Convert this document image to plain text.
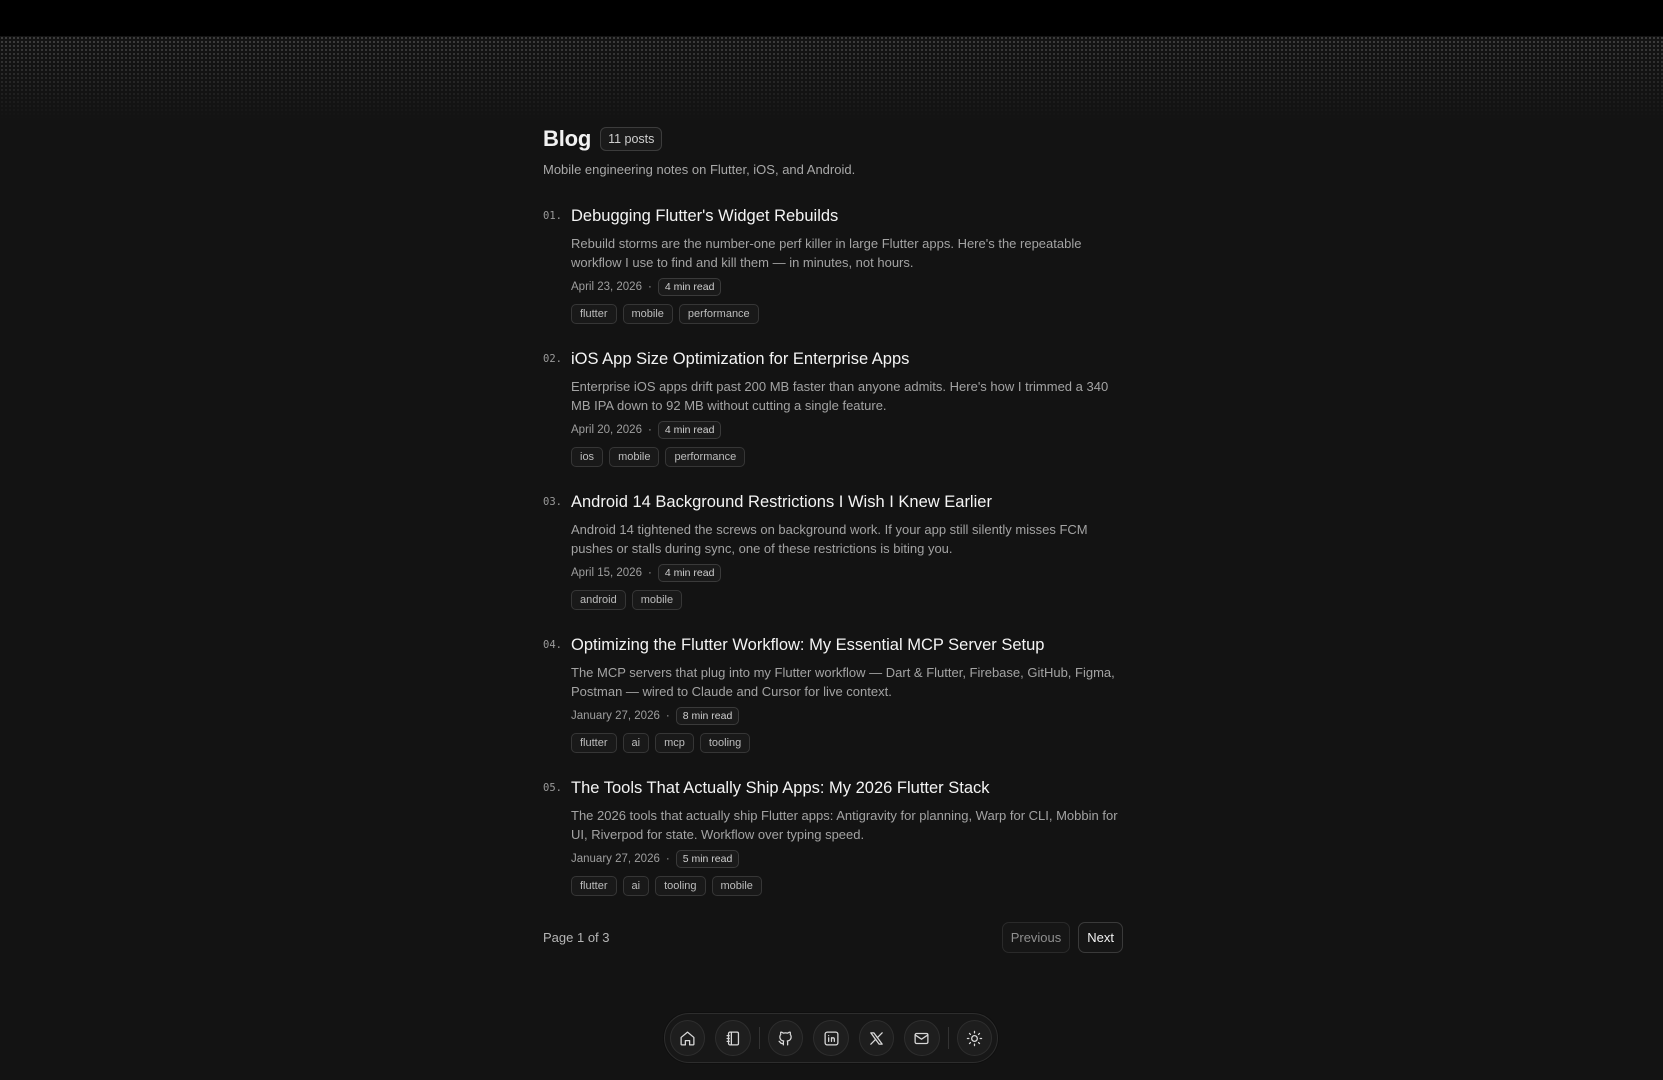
Blog	11 posts
Mobile engineering notes on Flutter, iOS, and Android.
01. Debugging Flutter's Widget Rebuilds
Rebuild storms are the number-one perf killer in large Flutter apps. Here's the repeatable workflow I use to find and kill them — in minutes, not hours.
April 23, 2026 ·	4 min read
flutter	mobile	performance
02. iOS App Size Optimization for Enterprise Apps
Enterprise iOS apps drift past 200 MB faster than anyone admits. Here's how I trimmed a 340 MB IPA down to 92 MB without cutting a single feature.
April 20, 2026 ·	4 min read
ios	mobile	performance
03. Android 14 Background Restrictions I Wish I Knew Earlier
Android 14 tightened the screws on background work. If your app still silently misses FCM pushes or stalls during sync, one of these restrictions is biting you.
April 15, 2026 ·	4 min read
android	mobile
04. Optimizing the Flutter Workflow: My Essential MCP Server Setup
The MCP servers that plug into my Flutter workflow — Dart & Flutter, Firebase, GitHub, Figma, Postman — wired to Claude and Cursor for live context.
January 27, 2026 ·	8 min read
flutter	ai	mcp	tooling
05. The Tools That Actually Ship Apps: My 2026 Flutter Stack
The 2026 tools that actually ship Flutter apps: Antigravity for planning, Warp for CLI, Mobbin for UI, Riverpod for state. Workflow over typing speed.
January 27, 2026 ·	5 min read
flutter	ai	tooling	mobile
Page 1 of 3	Previous	Next
